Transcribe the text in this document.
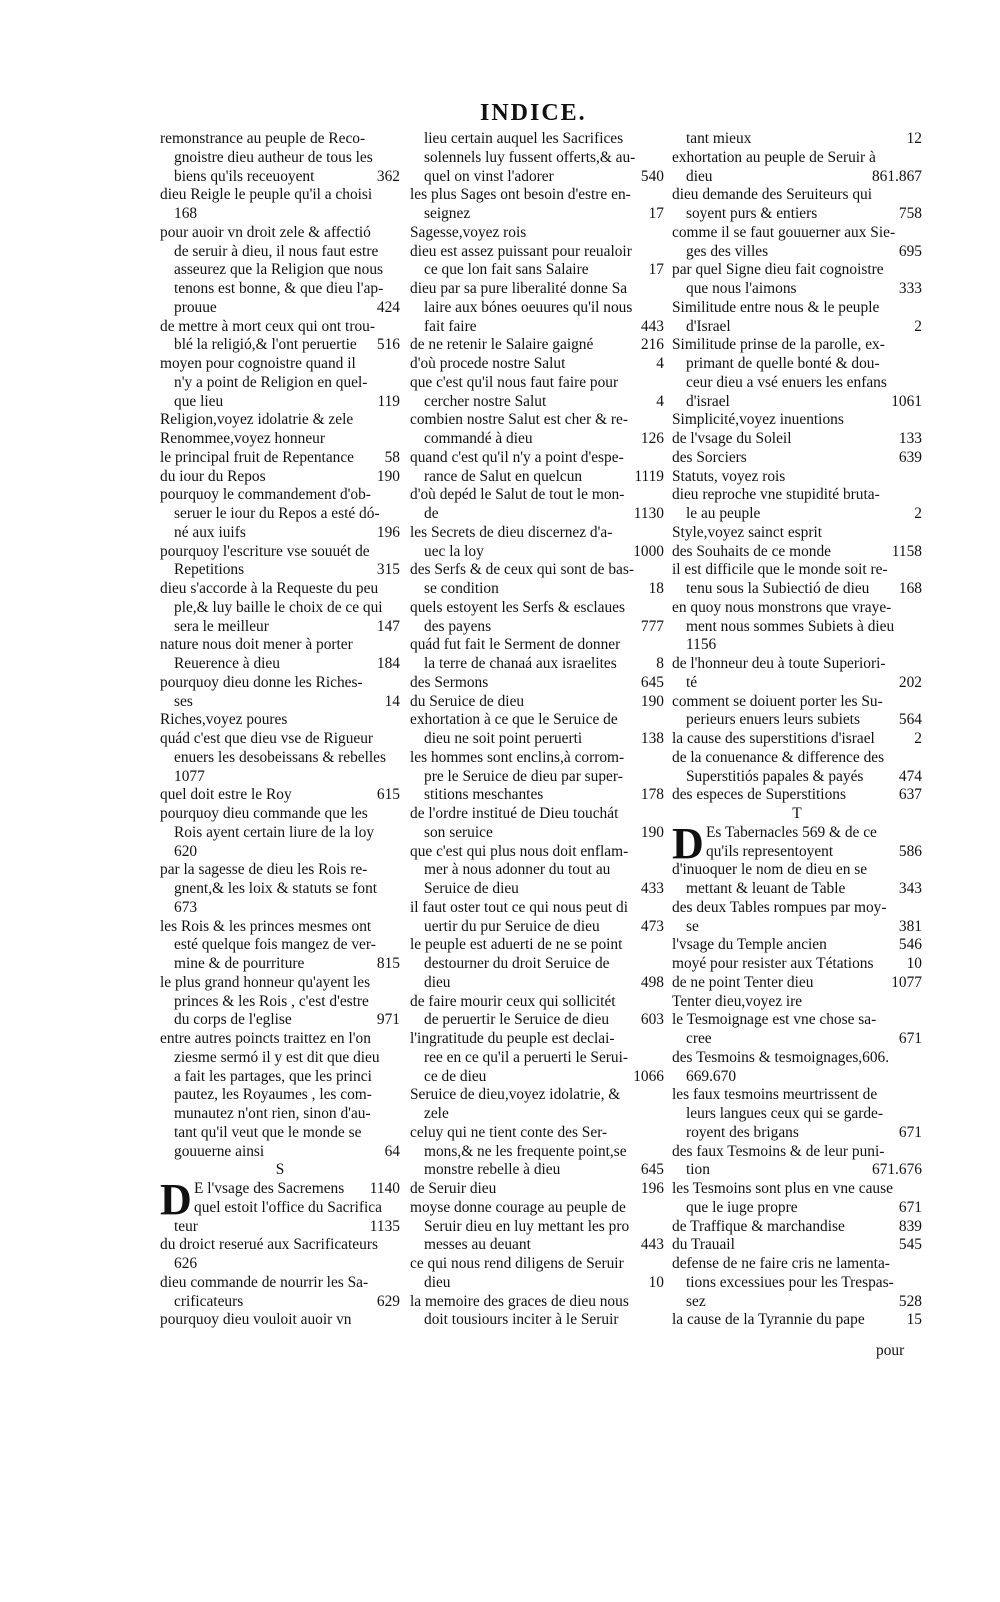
INDICE.
D
remonstrance au peuple de Reco-
gnoistre dieu autheur de tous les
biens qu'ils receuoyent	362
dieu Reigle le peuple qu'il a choisi
168
pour auoir vn droit zele & affectió
de seruir à dieu, il nous faut estre
asseurez que la Religion que nous
tenons est bonne, & que dieu l'ap-
prouue	424
de mettre à mort ceux qui ont trou-
blé la religió,& l'ont peruertie 516
moyen pour cognoistre quand il
n'y a point de Religion en quel-
que lieu	119
Religion,voyez idolatrie & zele
Renommee,voyez honneur
le principal fruit de Repentance 58
du iour du Repos	190
pourquoy le commandement d'ob-
seruer le iour du Repos a esté dó-
né aux iuifs	196
pourquoy l'escriture vse souuét de
Repetitions	315
dieu s'accorde à la Requeste du peu
ple,& luy baille le choix de ce qui
sera le meilleur	147
nature nous doit mener à porter
Reuerence à dieu	184
pourquoy dieu donne les Riches-
ses	14
Riches,voyez poures
quád c'est que dieu vse de Rigueur
enuers les desobeissans & rebelles
1077
quel doit estre le Roy	615
pourquoy dieu commande que les
Rois ayent certain liure de la loy
620
par la sagesse de dieu les Rois re-
gnent,& les loix & statuts se font
673
les Rois & les princes mesmes ont
esté quelque fois mangez de ver-
mine & de pourriture	815
le plus grand honneur qu'ayent les
princes & les Rois , c'est d'estre
du corps de l'eglise	971
entre autres poincts traittez en l'on
ziesme sermó il y est dit que dieu
a fait les partages, que les princi
pautez, les Royaumes , les com-
munautez n'ont rien, sinon d'au-
tant qu'il veut que le monde se
gouuerne ainsi	64
S
E l'vsage des Sacremens 1140
quel estoit l'office du Sacrifica
teur	1135
du droict reserué aux Sacrificateurs
626
dieu commande de nourrir les Sa-
crificateurs	629
pourquoy dieu vouloit auoir vn
lieu certain auquel les Sacrifices
solennels luy fussent offerts,& au-
quel on vinst l'adorer	540
les plus Sages ont besoin d'estre en-
seignez	17
Sagesse,voyez rois
dieu est assez puissant pour reualoir
ce que lon fait sans Salaire	17
dieu par sa pure liberalité donne Sa
laire aux bónes oeuures qu'il nous
fait faire	443
de ne retenir le Salaire gaigné	216
d'où procede nostre Salut	4
que c'est qu'il nous faut faire pour
cercher nostre Salut	4
combien nostre Salut est cher & re-
commandé à dieu	126
quand c'est qu'il n'y a point d'espe-
rance de Salut en quelcun	1119
d'où depéd le Salut de tout le mon-
de	1130
les Secrets de dieu discernez d'a-
uec la loy	1000
des Serfs & de ceux qui sont de bas-
se condition	18
quels estoyent les Serfs & esclaues
des payens	777
quád fut fait le Serment de donner
la terre de chanaá aux israelites	8
des Sermons	645
du Seruice de dieu	190
exhortation à ce que le Seruice de
dieu ne soit point peruerti	138
les hommes sont enclins,à corrom-
pre le Seruice de dieu par super-
stitions meschantes	178
de l'ordre institué de Dieu touchát
son seruice	190
que c'est qui plus nous doit enflam-
mer à nous adonner du tout au
Seruice de dieu	433
il faut oster tout ce qui nous peut di
uertir du pur Seruice de dieu	473
le peuple est aduerti de ne se point
destourner du droit Seruice de
dieu	498
de faire mourir ceux qui sollicitét
de peruertir le Seruice de dieu 603
l'ingratitude du peuple est declai-
ree en ce qu'il a peruerti le Serui-
ce de dieu	1066
Seruice de dieu,voyez idolatrie, &
zele
celuy qui ne tient conte des Ser-
mons,& ne les frequente point,se
monstre rebelle à dieu	645
de Seruir dieu	196
moyse donne courage au peuple de
Seruir dieu en luy mettant les pro
messes au deuant	443
ce qui nous rend diligens de Seruir
dieu	10
la memoire des graces de dieu nous
doit tousiours inciter à le Seruir
D
tant mieux	12
exhortation au peuple de Seruir à
dieu	861.867
dieu demande des Seruiteurs qui
soyent purs & entiers	758
comme il se faut gouuerner aux Sie-
ges des villes	695
par quel Signe dieu fait cognoistre
que nous l'aimons	333
Similitude entre nous & le peuple
d'Israel	2
Similitude prinse de la parolle, ex-
primant de quelle bonté & dou-
ceur dieu a vsé enuers les enfans
d'israel	1061
Simplicité,voyez inuentions
de l'vsage du Soleil	133
des Sorciers	639
Statuts, voyez rois
dieu reproche vne stupidité bruta-
le au peuple	2
Style,voyez sainct esprit
des Souhaits de ce monde	1158
il est difficile que le monde soit re-
tenu sous la Subiectió de dieu 168
en quoy nous monstrons que vraye-
ment nous sommes Subiets à dieu
1156
de l'honneur deu à toute Superiori-
té	202
comment se doiuent porter les Su-
perieurs enuers leurs subiets	564
la cause des superstitions d'israel	2
de la conuenance & difference des
Superstitiós papales & payés 474
des especes de Superstitions	637
T
Es Tabernacles 569 & de ce
qu'ils representoyent	586
d'inuoquer le nom de dieu en se
mettant & leuant de Table	343
des deux Tables rompues par moy-
se	381
l'vsage du Temple ancien	546
moyé pour resister aux Tétations 10
de ne point Tenter dieu	1077
Tenter dieu,voyez ire
le Tesmoignage est vne chose sa-
cree	671
des Tesmoins & tesmoignages,606.
669.670
les faux tesmoins meurtrissent de
leurs langues ceux qui se garde-
royent des brigans	671
des faux Tesmoins & de leur puni-
tion	671.676
les Tesmoins sont plus en vne cause
que le iuge propre	671
de Traffique & marchandise	839
du Trauail	545
defense de ne faire cris ne lamenta-
tions excessiues pour les Trespas-
sez	528
la cause de la Tyrannie du pape	15
pour
